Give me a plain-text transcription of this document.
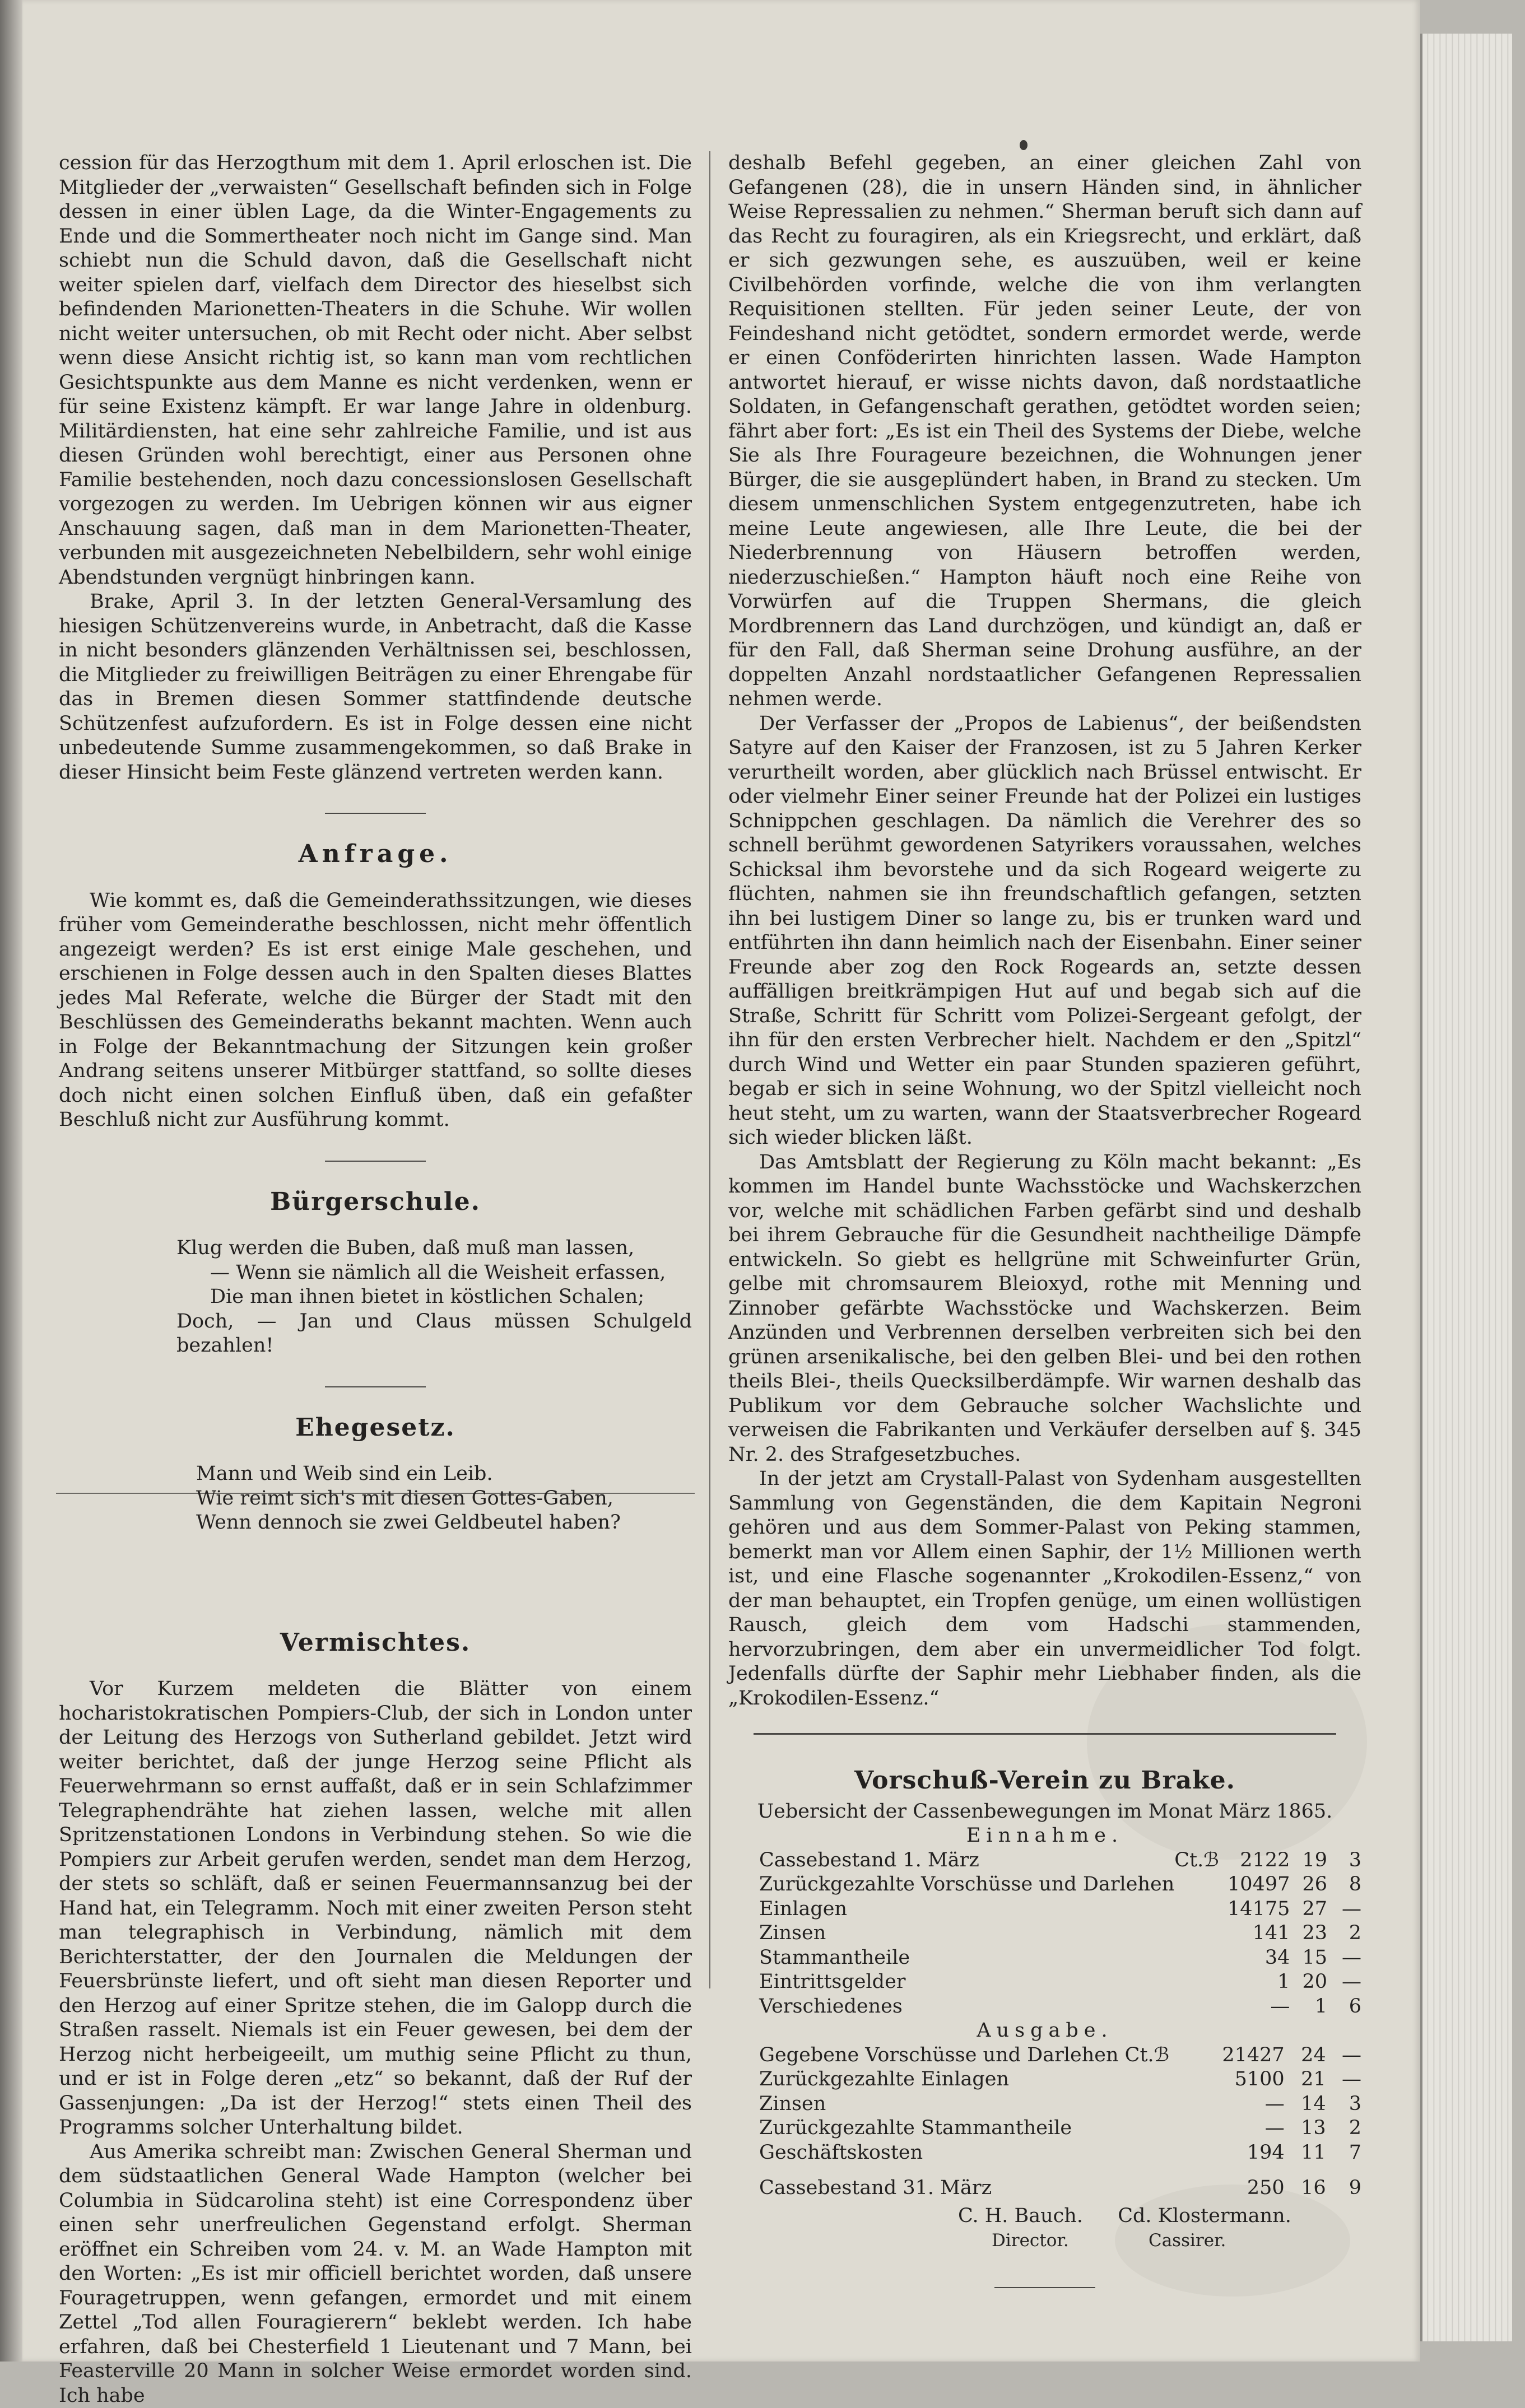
cession für das Herzogthum mit dem 1. April erloschen ist. Die Mitglieder der „verwaisten“ Gesellschaft befinden sich in Folge dessen in einer üblen Lage, da die Winter-Engagements zu Ende und die Sommertheater noch nicht im Gange sind. Man schiebt nun die Schuld davon, daß die Gesellschaft nicht weiter spielen darf, vielfach dem Director des hieselbst sich befindenden Marionetten-Theaters in die Schuhe. Wir wollen nicht weiter untersuchen, ob mit Recht oder nicht. Aber selbst wenn diese Ansicht richtig ist, so kann man vom rechtlichen Gesichtspunkte aus dem Manne es nicht verdenken, wenn er für seine Existenz kämpft. Er war lange Jahre in oldenburg. Militärdiensten, hat eine sehr zahlreiche Familie, und ist aus diesen Gründen wohl berechtigt, einer aus Personen ohne Familie bestehenden, noch dazu concessionslosen Gesellschaft vorgezogen zu werden. Im Uebrigen können wir aus eigner Anschauung sagen, daß man in dem Marionetten-Theater, verbunden mit ausgezeichneten Nebelbildern, sehr wohl einige Abendstunden vergnügt hinbringen kann.

Brake, April 3. In der letzten General-Versamlung des hiesigen Schützenvereins wurde, in Anbetracht, daß die Kasse in nicht besonders glänzenden Verhältnissen sei, beschlossen, die Mitglieder zu freiwilligen Beiträgen zu einer Ehrengabe für das in Bremen diesen Sommer stattfindende deutsche Schützenfest aufzufordern. Es ist in Folge dessen eine nicht unbedeutende Summe zusammengekommen, so daß Brake in dieser Hinsicht beim Feste glänzend vertreten werden kann.

Anfrage.

Wie kommt es, daß die Gemeinderathssitzungen, wie dieses früher vom Gemeinderathe beschlossen, nicht mehr öffentlich angezeigt werden? Es ist erst einige Male geschehen, und erschienen in Folge dessen auch in den Spalten dieses Blattes jedes Mal Referate, welche die Bürger der Stadt mit den Beschlüssen des Gemeinderaths bekannt machten. Wenn auch in Folge der Bekanntmachung der Sitzungen kein großer Andrang seitens unserer Mitbürger stattfand, so sollte dieses doch nicht einen solchen Einfluß üben, daß ein gefaßter Beschluß nicht zur Ausführung kommt.

Bürgerschule.
Klug werden die Buben, daß muß man lassen,
— Wenn sie nämlich all die Weisheit erfassen,
Die man ihnen bietet in köstlichen Schalen;
Doch, — Jan und Claus müssen Schulgeld bezahlen!
Ehegesetz.
Mann und Weib sind ein Leib.
Wie reimt sich's mit diesen Gottes-Gaben,
Wenn dennoch sie zwei Geldbeutel haben?
Vermischtes.

Vor Kurzem meldeten die Blätter von einem hocharistokratischen Pompiers-Club, der sich in London unter der Leitung des Herzogs von Sutherland gebildet. Jetzt wird weiter berichtet, daß der junge Herzog seine Pflicht als Feuerwehrmann so ernst auffaßt, daß er in sein Schlafzimmer Telegraphendrähte hat ziehen lassen, welche mit allen Spritzenstationen Londons in Verbindung stehen. So wie die Pompiers zur Arbeit gerufen werden, sendet man dem Herzog, der stets so schläft, daß er seinen Feuermannsanzug bei der Hand hat, ein Telegramm. Noch mit einer zweiten Person steht man telegraphisch in Verbindung, nämlich mit dem Berichterstatter, der den Journalen die Meldungen der Feuersbrünste liefert, und oft sieht man diesen Reporter und den Herzog auf einer Spritze stehen, die im Galopp durch die Straßen rasselt. Niemals ist ein Feuer gewesen, bei dem der Herzog nicht herbeigeeilt, um muthig seine Pflicht zu thun, und er ist in Folge deren „etz“ so bekannt, daß der Ruf der Gassenjungen: „Da ist der Herzog!“ stets einen Theil des Programms solcher Unterhaltung bildet.

Aus Amerika schreibt man: Zwischen General Sherman und dem südstaatlichen General Wade Hampton (welcher bei Columbia in Südcarolina steht) ist eine Correspondenz über einen sehr unerfreulichen Gegenstand erfolgt. Sherman eröffnet ein Schreiben vom 24. v. M. an Wade Hampton mit den Worten: „Es ist mir officiell berichtet worden, daß unsere Fouragetruppen, wenn gefangen, ermordet und mit einem Zettel „Tod allen Fouragierern“ beklebt werden. Ich habe erfahren, daß bei Chesterfield 1 Lieutenant und 7 Mann, bei Feasterville 20 Mann in solcher Weise ermordet worden sind. Ich habe

deshalb Befehl gegeben, an einer gleichen Zahl von Gefangenen (28), die in unsern Händen sind, in ähnlicher Weise Repressalien zu nehmen.“ Sherman beruft sich dann auf das Recht zu fouragiren, als ein Kriegsrecht, und erklärt, daß er sich gezwungen sehe, es auszuüben, weil er keine Civilbehörden vorfinde, welche die von ihm verlangten Requisitionen stellten. Für jeden seiner Leute, der von Feindeshand nicht getödtet, sondern ermordet werde, werde er einen Conföderirten hinrichten lassen. Wade Hampton antwortet hierauf, er wisse nichts davon, daß nordstaatliche Soldaten, in Gefangenschaft gerathen, getödtet worden seien; fährt aber fort: „Es ist ein Theil des Systems der Diebe, welche Sie als Ihre Fourageure bezeichnen, die Wohnungen jener Bürger, die sie ausgeplündert haben, in Brand zu stecken. Um diesem unmenschlichen System entgegenzutreten, habe ich meine Leute angewiesen, alle Ihre Leute, die bei der Niederbrennung von Häusern betroffen werden, niederzuschießen.“ Hampton häuft noch eine Reihe von Vorwürfen auf die Truppen Shermans, die gleich Mordbrennern das Land durchzögen, und kündigt an, daß er für den Fall, daß Sherman seine Drohung ausführe, an der doppelten Anzahl nordstaatlicher Gefangenen Repressalien nehmen werde.

Der Verfasser der „Propos de Labienus“, der beißendsten Satyre auf den Kaiser der Franzosen, ist zu 5 Jahren Kerker verurtheilt worden, aber glücklich nach Brüssel entwischt. Er oder vielmehr Einer seiner Freunde hat der Polizei ein lustiges Schnippchen geschlagen. Da nämlich die Verehrer des so schnell berühmt gewordenen Satyrikers voraussahen, welches Schicksal ihm bevorstehe und da sich Rogeard weigerte zu flüchten, nahmen sie ihn freundschaftlich gefangen, setzten ihn bei lustigem Diner so lange zu, bis er trunken ward und entführten ihn dann heimlich nach der Eisenbahn. Einer seiner Freunde aber zog den Rock Rogeards an, setzte dessen auffälligen breitkrämpigen Hut auf und begab sich auf die Straße, Schritt für Schritt vom Polizei-Sergeant gefolgt, der ihn für den ersten Verbrecher hielt. Nachdem er den „Spitzl“ durch Wind und Wetter ein paar Stunden spazieren geführt, begab er sich in seine Wohnung, wo der Spitzl vielleicht noch heut steht, um zu warten, wann der Staatsverbrecher Rogeard sich wieder blicken läßt.

Das Amtsblatt der Regierung zu Köln macht bekannt: „Es kommen im Handel bunte Wachsstöcke und Wachskerzchen vor, welche mit schädlichen Farben gefärbt sind und deshalb bei ihrem Gebrauche für die Gesundheit nachtheilige Dämpfe entwickeln. So giebt es hellgrüne mit Schweinfurter Grün, gelbe mit chromsaurem Bleioxyd, rothe mit Menning und Zinnober gefärbte Wachsstöcke und Wachskerzen. Beim Anzünden und Verbrennen derselben verbreiten sich bei den grünen arsenikalische, bei den gelben Blei- und bei den rothen theils Blei-, theils Quecksilberdämpfe. Wir warnen deshalb das Publikum vor dem Gebrauche solcher Wachslichte und verweisen die Fabrikanten und Verkäufer derselben auf §. 345 Nr. 2. des Strafgesetzbuches.

In der jetzt am Crystall-Palast von Sydenham ausgestellten Sammlung von Gegenständen, die dem Kapitain Negroni gehören und aus dem Sommer-Palast von Peking stammen, bemerkt man vor Allem einen Saphir, der 1½ Millionen werth ist, und eine Flasche sogenannter „Krokodilen-Essenz,“ von der man behauptet, ein Tropfen genüge, um einen wollüstigen Rausch, gleich dem vom Hadschi stammenden, hervorzubringen, dem aber ein unvermeidlicher Tod folgt. Jedenfalls dürfte der Saphir mehr Liebhaber finden, als die „Krokodilen-Essenz.“

Vorschuß-Verein zu Brake.
Uebersicht der Cassenbewegungen im Monat März 1865.
Einnahme.
Cassebestand 1. März	Ct.ℬ	2122	19	3
Zurückgezahlte Vorschüsse und Darlehen		10497	26	8
Einlagen		14175	27	—
Zinsen		141	23	2
Stammantheile		34	15	—
Eintrittsgelder		1	20	—
Verschiedenes		—	1	6
Ausgabe.
Gegebene Vorschüsse und Darlehen Ct.ℬ		21427	24	—
Zurückgezahlte Einlagen		5100	21	—
Zinsen		—	14	3
Zurückgezahlte Stammantheile		—	13	2
Geschäftskosten		194	11	7

Cassebestand 31. März		250	16	9
C. H. Bauch. Cd. Klostermann.
Director.	Cassirer.
